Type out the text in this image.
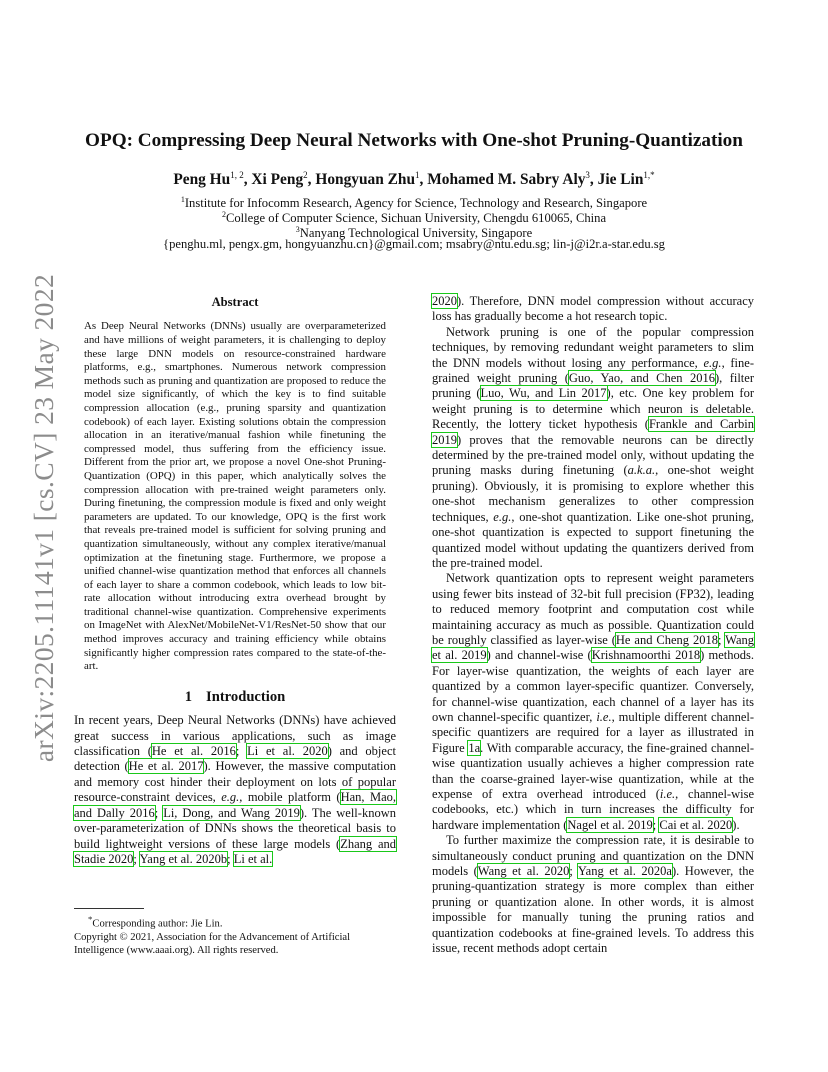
arXiv:2205.11141v1 [cs.CV] 23 May 2022
OPQ: Compressing Deep Neural Networks with One-shot Pruning-Quantization
Peng Hu$^{1, 2}$, Xi Peng$^2$, Hongyuan Zhu$^1$, Mohamed M. Sabry Aly$^3$, Jie Lin$^{1,*}$
$^1$Institute for Infocomm Research, Agency for Science, Technology and Research, Singapore
$^2$College of Computer Science, Sichuan University, Chengdu 610065, China
$^3$Nanyang Technological University, Singapore
{penghu.ml, pengx.gm, hongyuanzhu.cn}@gmail.com; msabry@ntu.edu.sg; lin-j@i2r.a-star.edu.sg
Abstract

As Deep Neural Networks (DNNs) usually are overparameterized and have millions of weight parameters, it is challenging to deploy these large DNN models on resource-constrained hardware platforms, e.g., smartphones. Numerous network compression methods such as pruning and quantization are proposed to reduce the model size significantly, of which the key is to find suitable compression allocation (e.g., pruning sparsity and quantization codebook) of each layer. Existing solutions obtain the compression allocation in an iterative/manual fashion while finetuning the compressed model, thus suffering from the efficiency issue. Different from the prior art, we propose a novel One-shot Pruning-Quantization (OPQ) in this paper, which analytically solves the compression allocation with pre-trained weight parameters only. During finetuning, the compression module is fixed and only weight parameters are updated. To our knowledge, OPQ is the first work that reveals pre-trained model is sufficient for solving pruning and quantization simultaneously, without any complex iterative/manual optimization at the finetuning stage. Furthermore, we propose a unified channel-wise quantization method that enforces all channels of each layer to share a common codebook, which leads to low bit-rate allocation without introducing extra overhead brought by traditional channel-wise quantization. Comprehensive experiments on ImageNet with AlexNet/MobileNet-V1/ResNet-50 show that our method improves accuracy and training efficiency while obtains significantly higher compression rates compared to the state-of-the-art.

1 Introduction

In recent years, Deep Neural Networks (DNNs) have achieved great success in various applications, such as image classification (He et al. 2016; Li et al. 2020) and object detection (He et al. 2017). However, the massive computation and memory cost hinder their deployment on lots of popular resource-constraint devices, e.g., mobile platform (Han, Mao, and Dally 2016; Li, Dong, and Wang 2019). The well-known over-parameterization of DNNs shows the theoretical basis to build lightweight versions of these large models (Zhang and Stadie 2020; Yang et al. 2020b; Li et al.

*Corresponding author: Jie Lin.

Copyright © 2021, Association for the Advancement of Artificial Intelligence (www.aaai.org). All rights reserved.

2020). Therefore, DNN model compression without accuracy loss has gradually become a hot research topic.

Network pruning is one of the popular compression techniques, by removing redundant weight parameters to slim the DNN models without losing any performance, e.g., fine-grained weight pruning (Guo, Yao, and Chen 2016), filter pruning (Luo, Wu, and Lin 2017), etc. One key problem for weight pruning is to determine which neuron is deletable. Recently, the lottery ticket hypothesis (Frankle and Carbin 2019) proves that the removable neurons can be directly determined by the pre-trained model only, without updating the pruning masks during finetuning (a.k.a., one-shot weight pruning). Obviously, it is promising to explore whether this one-shot mechanism generalizes to other compression techniques, e.g., one-shot quantization. Like one-shot pruning, one-shot quantization is expected to support finetuning the quantized model without updating the quantizers derived from the pre-trained model.

Network quantization opts to represent weight parameters using fewer bits instead of 32-bit full precision (FP32), leading to reduced memory footprint and computation cost while maintaining accuracy as much as possible. Quantization could be roughly classified as layer-wise (He and Cheng 2018; Wang et al. 2019) and channel-wise (Krishnamoorthi 2018) methods. For layer-wise quantization, the weights of each layer are quantized by a common layer-specific quantizer. Conversely, for channel-wise quantization, each channel of a layer has its own channel-specific quantizer, i.e., multiple different channel-specific quantizers are required for a layer as illustrated in Figure 1a. With comparable accuracy, the fine-grained channel-wise quantization usually achieves a higher compression rate than the coarse-grained layer-wise quantization, while at the expense of extra overhead introduced (i.e., channel-wise codebooks, etc.) which in turn increases the difficulty for hardware implementation (Nagel et al. 2019; Cai et al. 2020).

To further maximize the compression rate, it is desirable to simultaneously conduct pruning and quantization on the DNN models (Wang et al. 2020; Yang et al. 2020a). However, the pruning-quantization strategy is more complex than either pruning or quantization alone. In other words, it is almost impossible for manually tuning the pruning ratios and quantization codebooks at fine-grained levels. To address this issue, recent methods adopt certain
